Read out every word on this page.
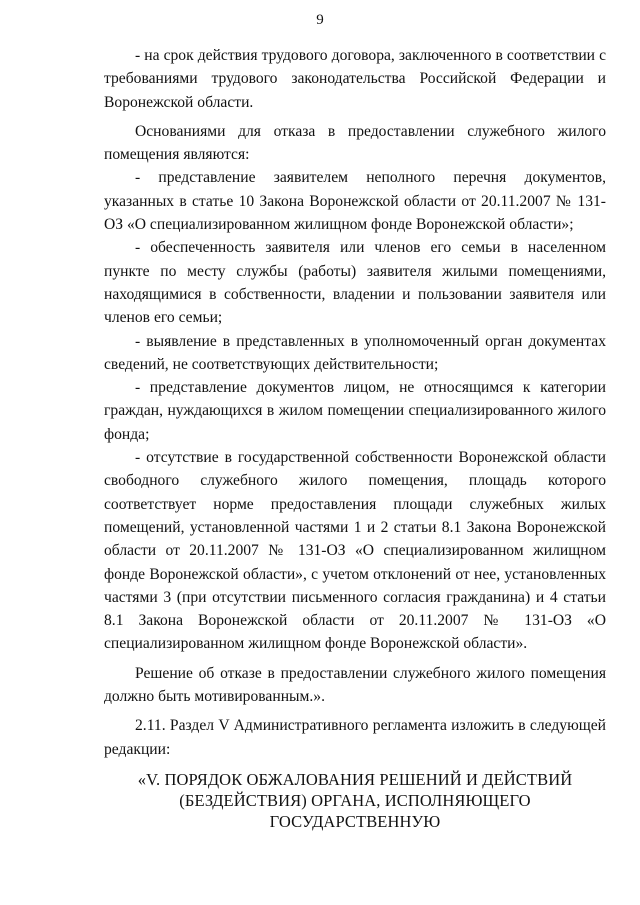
9

- на срок действия трудового договора, заключенного в соответствии с требованиями трудового законодательства Российской Федерации и Воронежской области.

Основаниями для отказа в предоставлении служебного жилого помещения являются:

- представление заявителем неполного перечня документов, указанных в статье 10 Закона Воронежской области от 20.11.2007 № 131-ОЗ «О специализированном жилищном фонде Воронежской области»;

- обеспеченность заявителя или членов его семьи в населенном пункте по месту службы (работы) заявителя жилыми помещениями, находящимися в собственности, владении и пользовании заявителя или членов его семьи;

- выявление в представленных в уполномоченный орган документах сведений, не соответствующих действительности;

- представление документов лицом, не относящимся к категории граждан, нуждающихся в жилом помещении специализированного жилого фонда;

- отсутствие в государственной собственности Воронежской области свободного служебного жилого помещения, площадь которого соответствует норме предоставления площади служебных жилых помещений, установленной частями 1 и 2 статьи 8.1 Закона Воронежской области от 20.11.2007 № 131-ОЗ «О специализированном жилищном фонде Воронежской области», с учетом отклонений от нее, установленных частями 3 (при отсутствии письменного согласия гражданина) и 4 статьи 8.1 Закона Воронежской области от 20.11.2007 № 131-ОЗ «О специализированном жилищном фонде Воронежской области».

Решение об отказе в предоставлении служебного жилого помещения должно быть мотивированным.».

2.11. Раздел V Административного регламента изложить в следующей редакции:

«V. ПОРЯДОК ОБЖАЛОВАНИЯ РЕШЕНИЙ И ДЕЙСТВИЙ (БЕЗДЕЙСТВИЯ) ОРГАНА, ИСПОЛНЯЮЩЕГО ГОСУДАРСТВЕННУЮ
